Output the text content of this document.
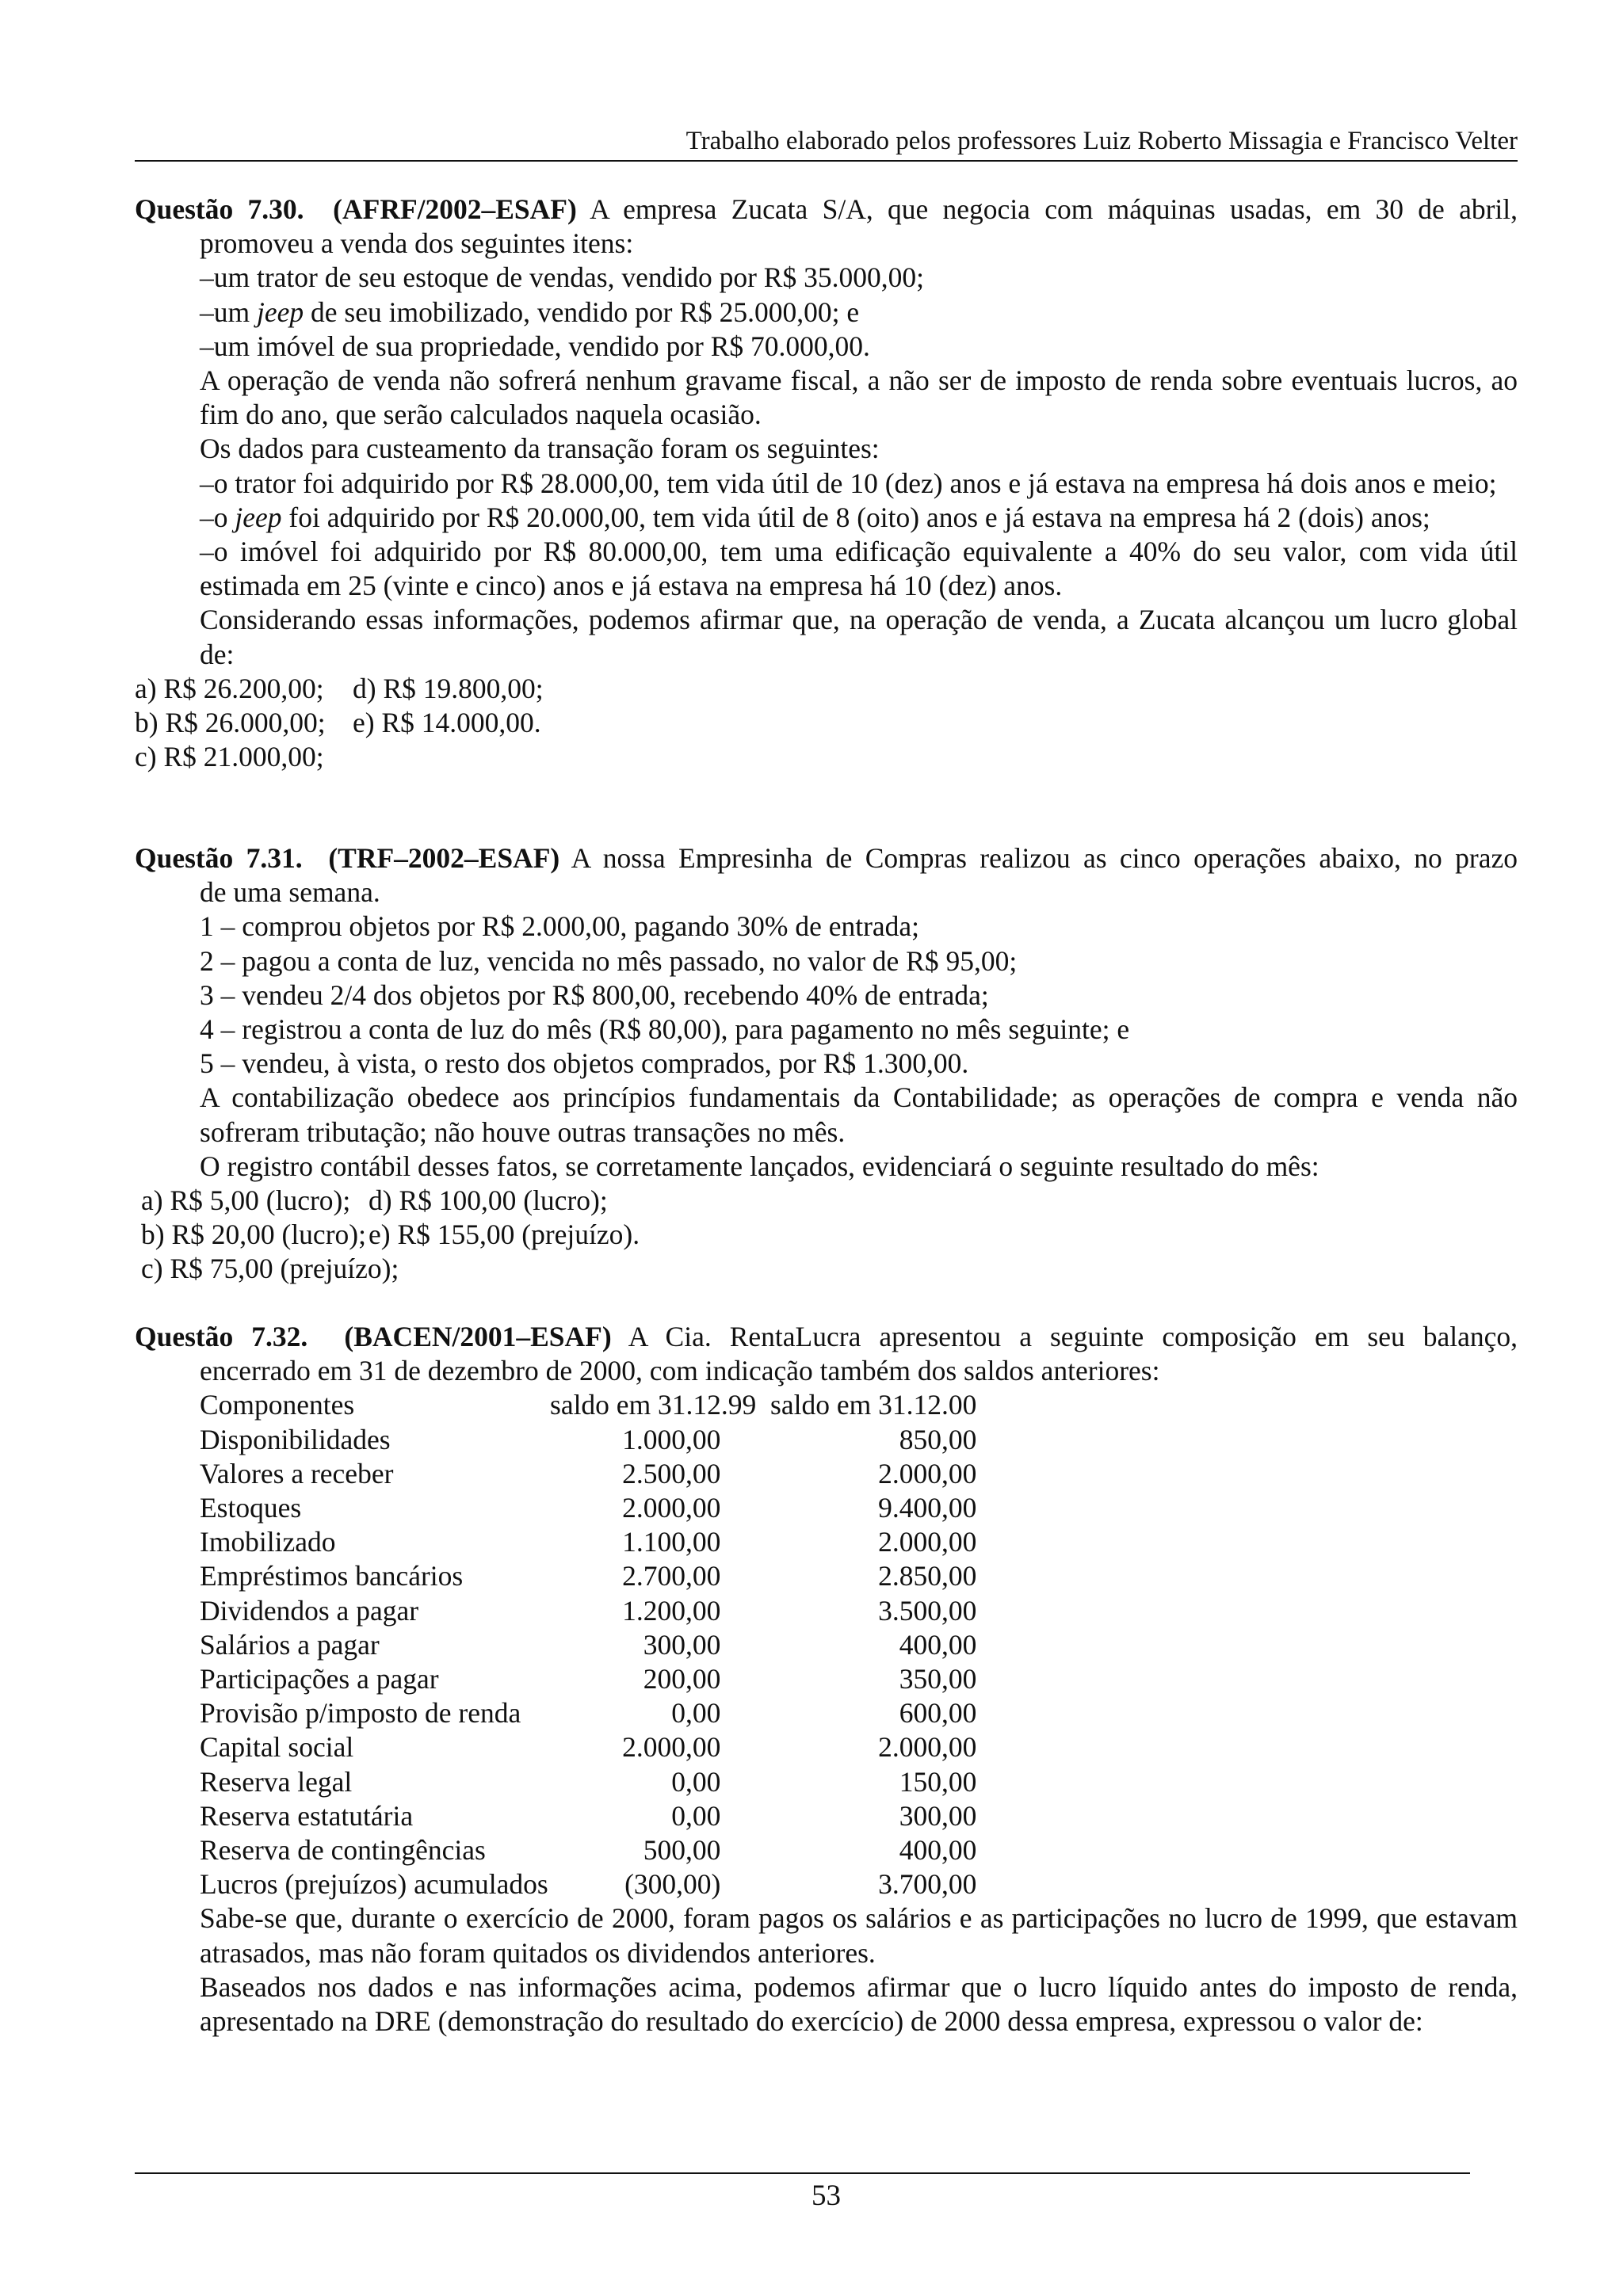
Trabalho elaborado pelos professores Luiz Roberto Missagia e Francisco Velter
Questão 7.30. (AFRF/2002–ESAF) A empresa Zucata S/A, que negocia com máquinas usadas, em 30 de abril,
promoveu a venda dos seguintes itens:
–um trator de seu estoque de vendas, vendido por R$ 35.000,00;
–um jeep de seu imobilizado, vendido por R$ 25.000,00; e
–um imóvel de sua propriedade, vendido por R$ 70.000,00.
A operação de venda não sofrerá nenhum gravame fiscal, a não ser de imposto de renda sobre eventuais lucros, ao fim do ano, que serão calculados naquela ocasião.
Os dados para custeamento da transação foram os seguintes:
–o trator foi adquirido por R$ 28.000,00, tem vida útil de 10 (dez) anos e já estava na empresa há dois anos e meio;
–o jeep foi adquirido por R$ 20.000,00, tem vida útil de 8 (oito) anos e já estava na empresa há 2 (dois) anos;
–o imóvel foi adquirido por R$ 80.000,00, tem uma edificação equivalente a 40% do seu valor, com vida útil estimada em 25 (vinte e cinco) anos e já estava na empresa há 10 (dez) anos.
Considerando essas informações, podemos afirmar que, na operação de venda, a Zucata alcançou um lucro global de:
a) R$ 26.200,00;	d) R$ 19.800,00;
b) R$ 26.000,00; e) R$ 14.000,00.
c) R$ 21.000,00;
Questão 7.31. (TRF–2002–ESAF) A nossa Empresinha de Compras realizou as cinco operações abaixo, no prazo
de uma semana.
1 – comprou objetos por R$ 2.000,00, pagando 30% de entrada;
2 – pagou a conta de luz, vencida no mês passado, no valor de R$ 95,00;
3 – vendeu 2/4 dos objetos por R$ 800,00, recebendo 40% de entrada;
4 – registrou a conta de luz do mês (R$ 80,00), para pagamento no mês seguinte; e
5 – vendeu, à vista, o resto dos objetos comprados, por R$ 1.300,00.
A contabilização obedece aos princípios fundamentais da Contabilidade; as operações de compra e venda não sofreram tributação; não houve outras transações no mês.
O registro contábil desses fatos, se corretamente lançados, evidenciará o seguinte resultado do mês:
a) R$ 5,00 (lucro); d) R$ 100,00 (lucro);
b) R$ 20,00 (lucro); e) R$ 155,00 (prejuízo).
c) R$ 75,00 (prejuízo);
Questão 7.32. (BACEN/2001–ESAF) A Cia. RentaLucra apresentou a seguinte composição em seu balanço,
encerrado em 31 de dezembro de 2000, com indicação também dos saldos anteriores:
Componentes	saldo em 31.12.99  saldo em 31.12.00	
Disponibilidades	1.000,00	850,00
Valores a receber	2.500,00	2.000,00
Estoques	2.000,00	9.400,00
Imobilizado	1.100,00	2.000,00
Empréstimos bancários	2.700,00	2.850,00
Dividendos a pagar	1.200,00	3.500,00
Salários a pagar	300,00	400,00
Participações a pagar	200,00	350,00
Provisão p/imposto de renda	0,00	600,00
Capital social	2.000,00	2.000,00
Reserva legal	0,00	150,00
Reserva estatutária	0,00	300,00
Reserva de contingências	500,00	400,00
Lucros (prejuízos) acumulados	(300,00)	3.700,00
Sabe-se que, durante o exercício de 2000, foram pagos os salários e as participações no lucro de 1999, que estavam atrasados, mas não foram quitados os dividendos anteriores.
Baseados nos dados e nas informações acima, podemos afirmar que o lucro líquido antes do imposto de renda, apresentado na DRE (demonstração do resultado do exercício) de 2000 dessa empresa, expressou o valor de:
53
